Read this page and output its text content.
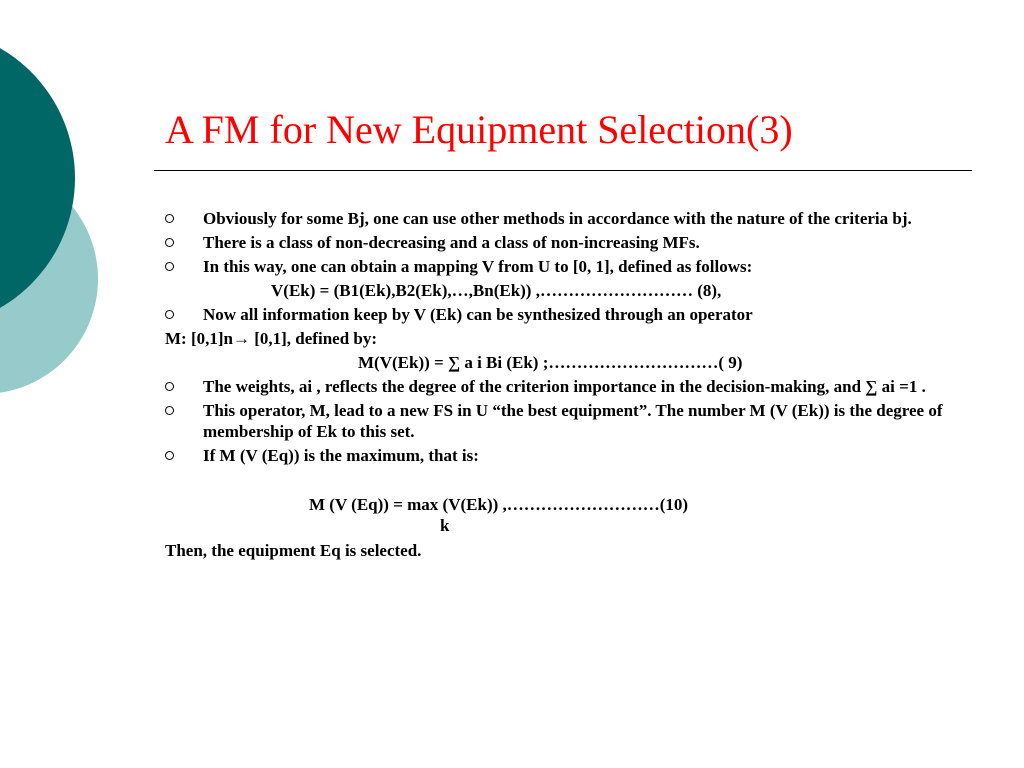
A FM for New Equipment Selection(3)
Obviously for some Bj, one can use other methods in accordance with the nature of the criteria bj.
There is a class of non-decreasing and a class of non-increasing MFs.
In this way, one can obtain a mapping V from U to [0, 1], defined as follows:
V(Ek) = (B1(Ek),B2(Ek),…,Bn(Ek)) ,……………………… (8),
Now all information keep by V (Ek) can be synthesized through an operator
M: [0,1]n→ [0,1], defined by:
M(V(Ek)) = ∑ a i Bi (Ek) ;…………………………( 9)
The weights, ai , reflects the degree of the criterion importance in the decision-making, and ∑ ai =1 .
This operator, M, lead to a new FS in U “the best equipment”. The number M (V (Ek)) is the degree of membership of Ek to this set.
If M (V (Eq)) is the maximum, that is:
M (V (Eq)) = max (V(Ek)) ,………………………(10)
k
Then, the equipment Eq is selected.
